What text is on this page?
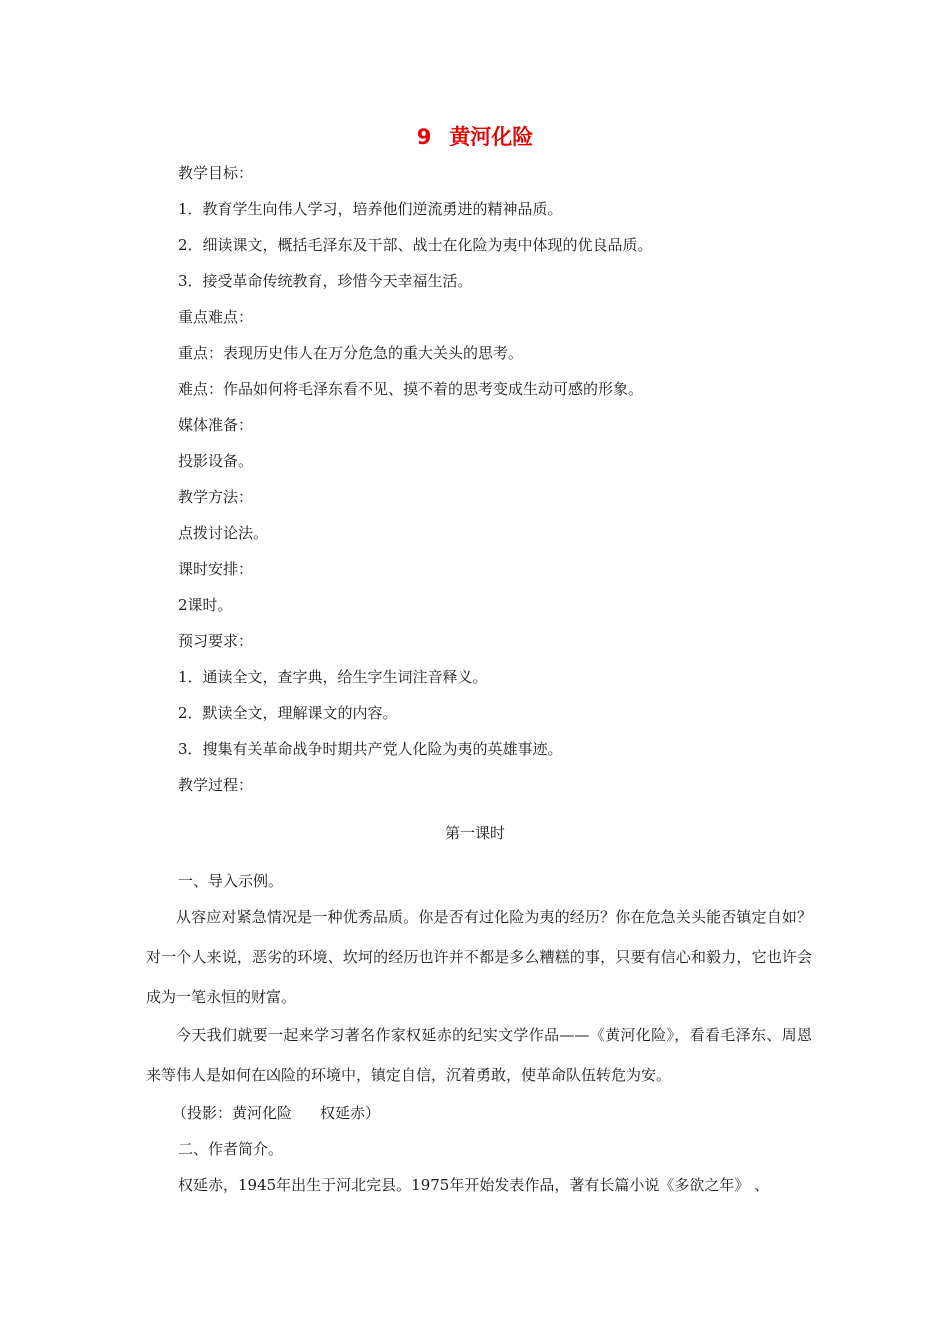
9 黄河化险
教学目标：
1．教育学生向伟人学习，培养他们逆流勇进的精神品质。
2．细读课文，概括毛泽东及干部、战士在化险为夷中体现的优良品质。
3．接受革命传统教育，珍惜今天幸福生活。
重点难点：
重点：表现历史伟人在万分危急的重大关头的思考。
难点：作品如何将毛泽东看不见、摸不着的思考变成生动可感的形象。
媒体准备：
投影设备。
教学方法：
点拨讨论法。
课时安排：
2课时。
预习要求：
1．通读全文，查字典，给生字生词注音释义。
2．默读全文，理解课文的内容。
3．搜集有关革命战争时期共产党人化险为夷的英雄事迹。
教学过程：
第一课时
一、导入示例。
从容应对紧急情况是一种优秀品质。你是否有过化险为夷的经历？你在危急关头能否镇定自如？对一个人来说，恶劣的环境、坎坷的经历也许并不都是多么糟糕的事，只要有信心和毅力，它也许会成为一笔永恒的财富。
今天我们就要一起来学习著名作家权延赤的纪实文学作品——《黄河化险》，看看毛泽东、周恩来等伟人是如何在凶险的环境中，镇定自信，沉着勇敢，使革命队伍转危为安。
（投影：黄河化险 权延赤）
二、作者简介。
权延赤，1945年出生于河北完县。1975年开始发表作品，著有长篇小说《多欲之年》 、
